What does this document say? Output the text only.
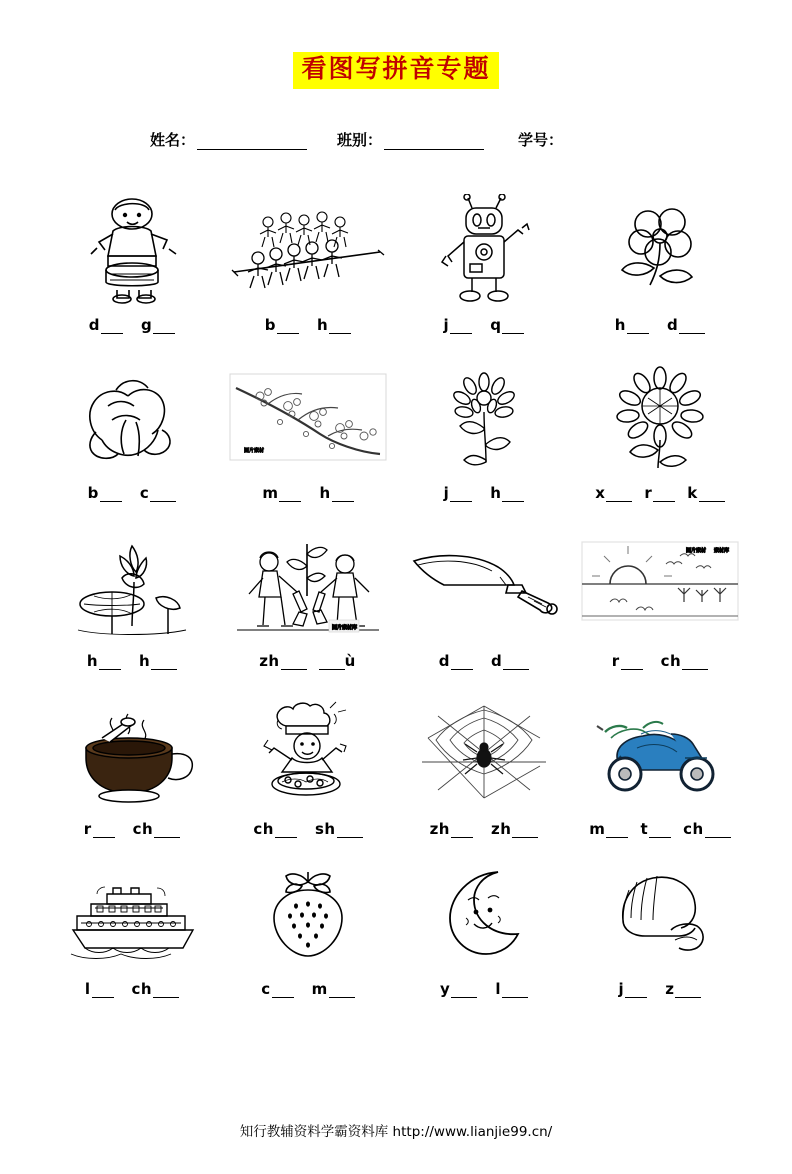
看图写拼音专题
姓名：	班别：	学号：
d	g	b	h	j	q	h	d
b	c
图片素材
m	h	j	h	x	r k
h	h
图片素材库
zh	ù	d	d
图片素材 素材库
r	ch
r	ch	ch	sh	zh	zh	m t ch
l	ch	c	m	y	l	j	z
知行教辅资料学霸资料库 http://www.lianjie99.cn/
